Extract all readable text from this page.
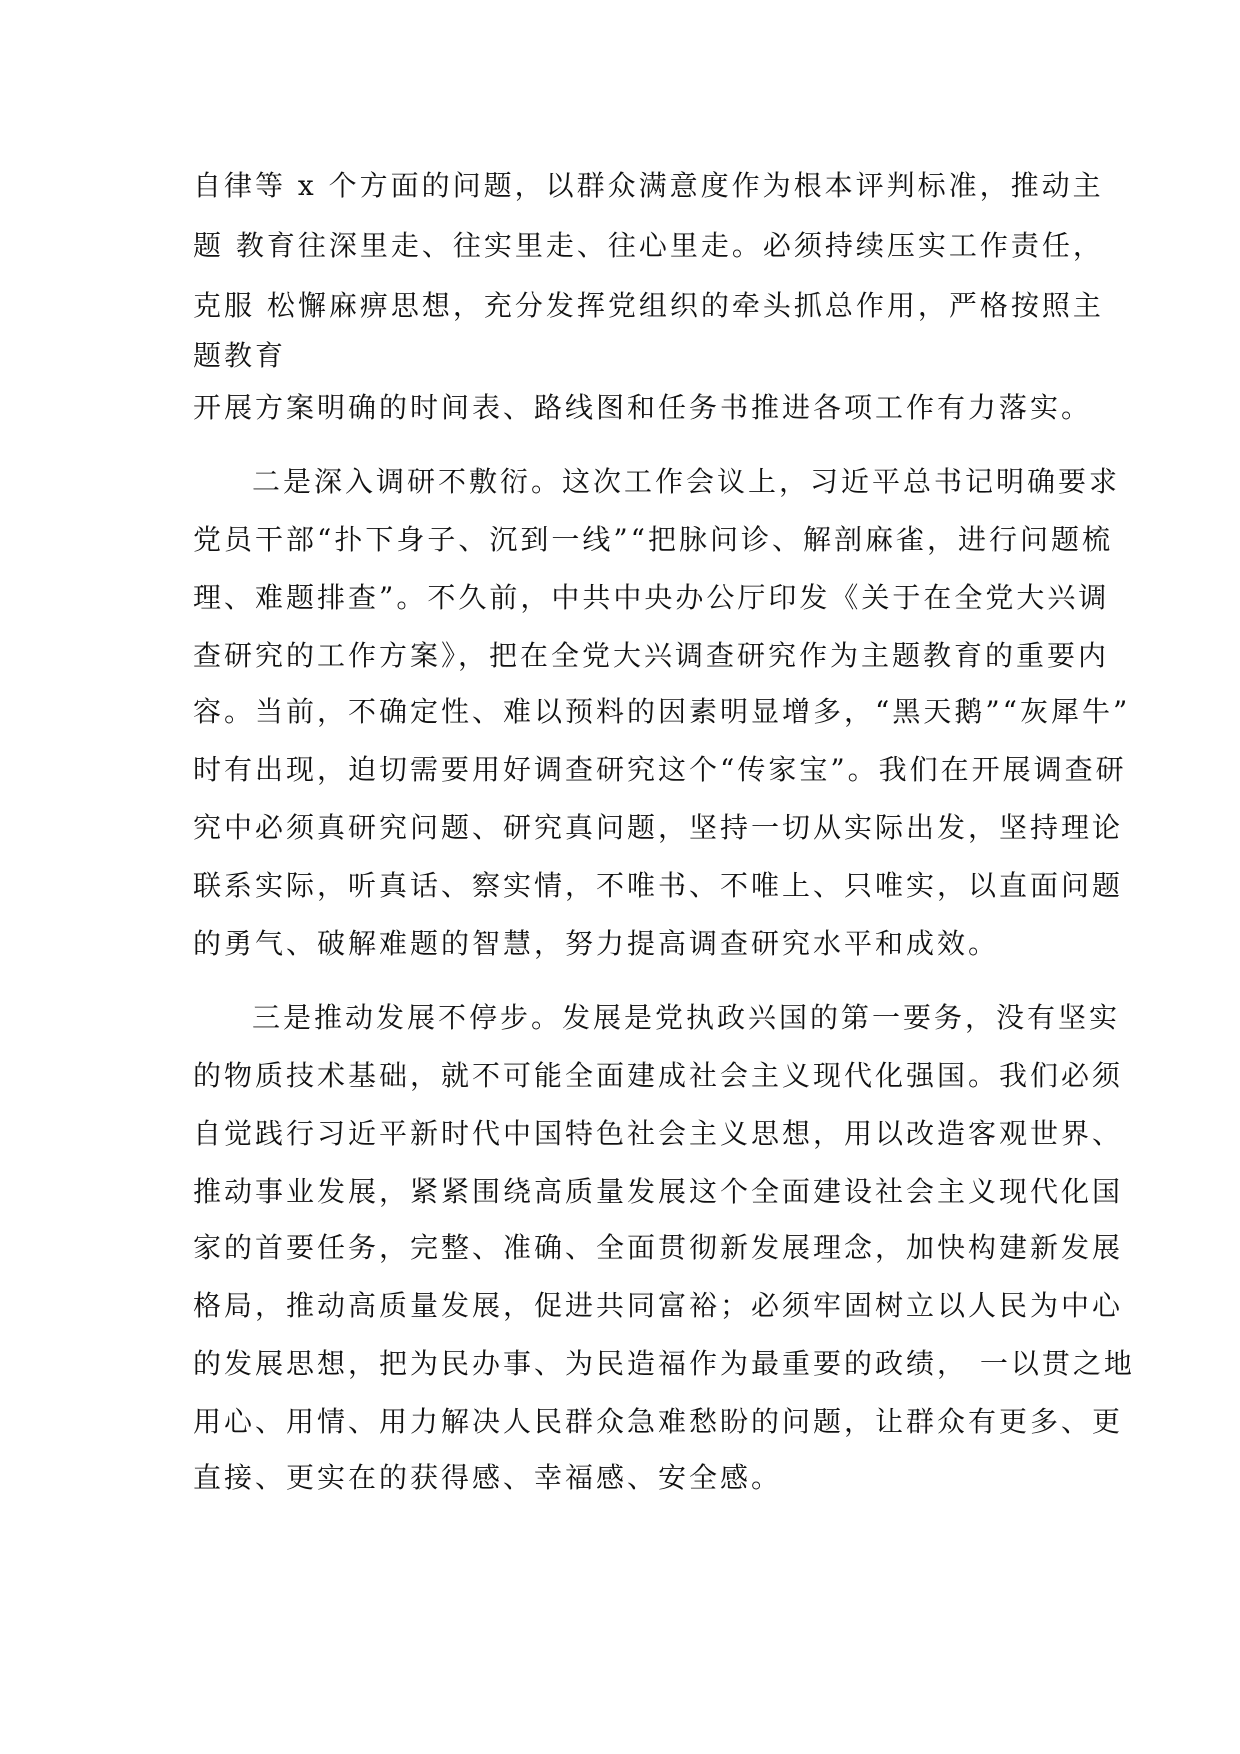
自律等 x 个方面的问题，以群众满意度作为根本评判标准，推动主
题 教育往深里走、往实里走、往心里走。必须持续压实工作责任，
克服 松懈麻痹思想，充分发挥党组织的牵头抓总作用，严格按照主
题教育
开展方案明确的时间表、路线图和任务书推进各项工作有力落实。
二是深入调研不敷衍。这次工作会议上，习近平总书记明确要求
党员干部“扑下身子、沉到一线”“把脉问诊、解剖麻雀，进行问题梳
理、难题排查”。不久前，中共中央办公厅印发《关于在全党大兴调
查研究的工作方案》，把在全党大兴调查研究作为主题教育的重要内
容。当前，不确定性、难以预料的因素明显增多，“黑天鹅”“灰犀牛”
时有出现，迫切需要用好调查研究这个“传家宝”。我们在开展调查研
究中必须真研究问题、研究真问题，坚持一切从实际出发，坚持理论
联系实际，听真话、察实情，不唯书、不唯上、只唯实，以直面问题
的勇气、破解难题的智慧，努力提高调查研究水平和成效。
三是推动发展不停步。发展是党执政兴国的第一要务，没有坚实
的物质技术基础，就不可能全面建成社会主义现代化强国。我们必须
自觉践行习近平新时代中国特色社会主义思想，用以改造客观世界、
推动事业发展，紧紧围绕高质量发展这个全面建设社会主义现代化国
家的首要任务，完整、准确、全面贯彻新发展理念，加快构建新发展
格局，推动高质量发展，促进共同富裕；必须牢固树立以人民为中心
的发展思想，把为民办事、为民造福作为最重要的政绩， 一以贯之地
用心、用情、用力解决人民群众急难愁盼的问题，让群众有更多、更
直接、更实在的获得感、幸福感、安全感。
